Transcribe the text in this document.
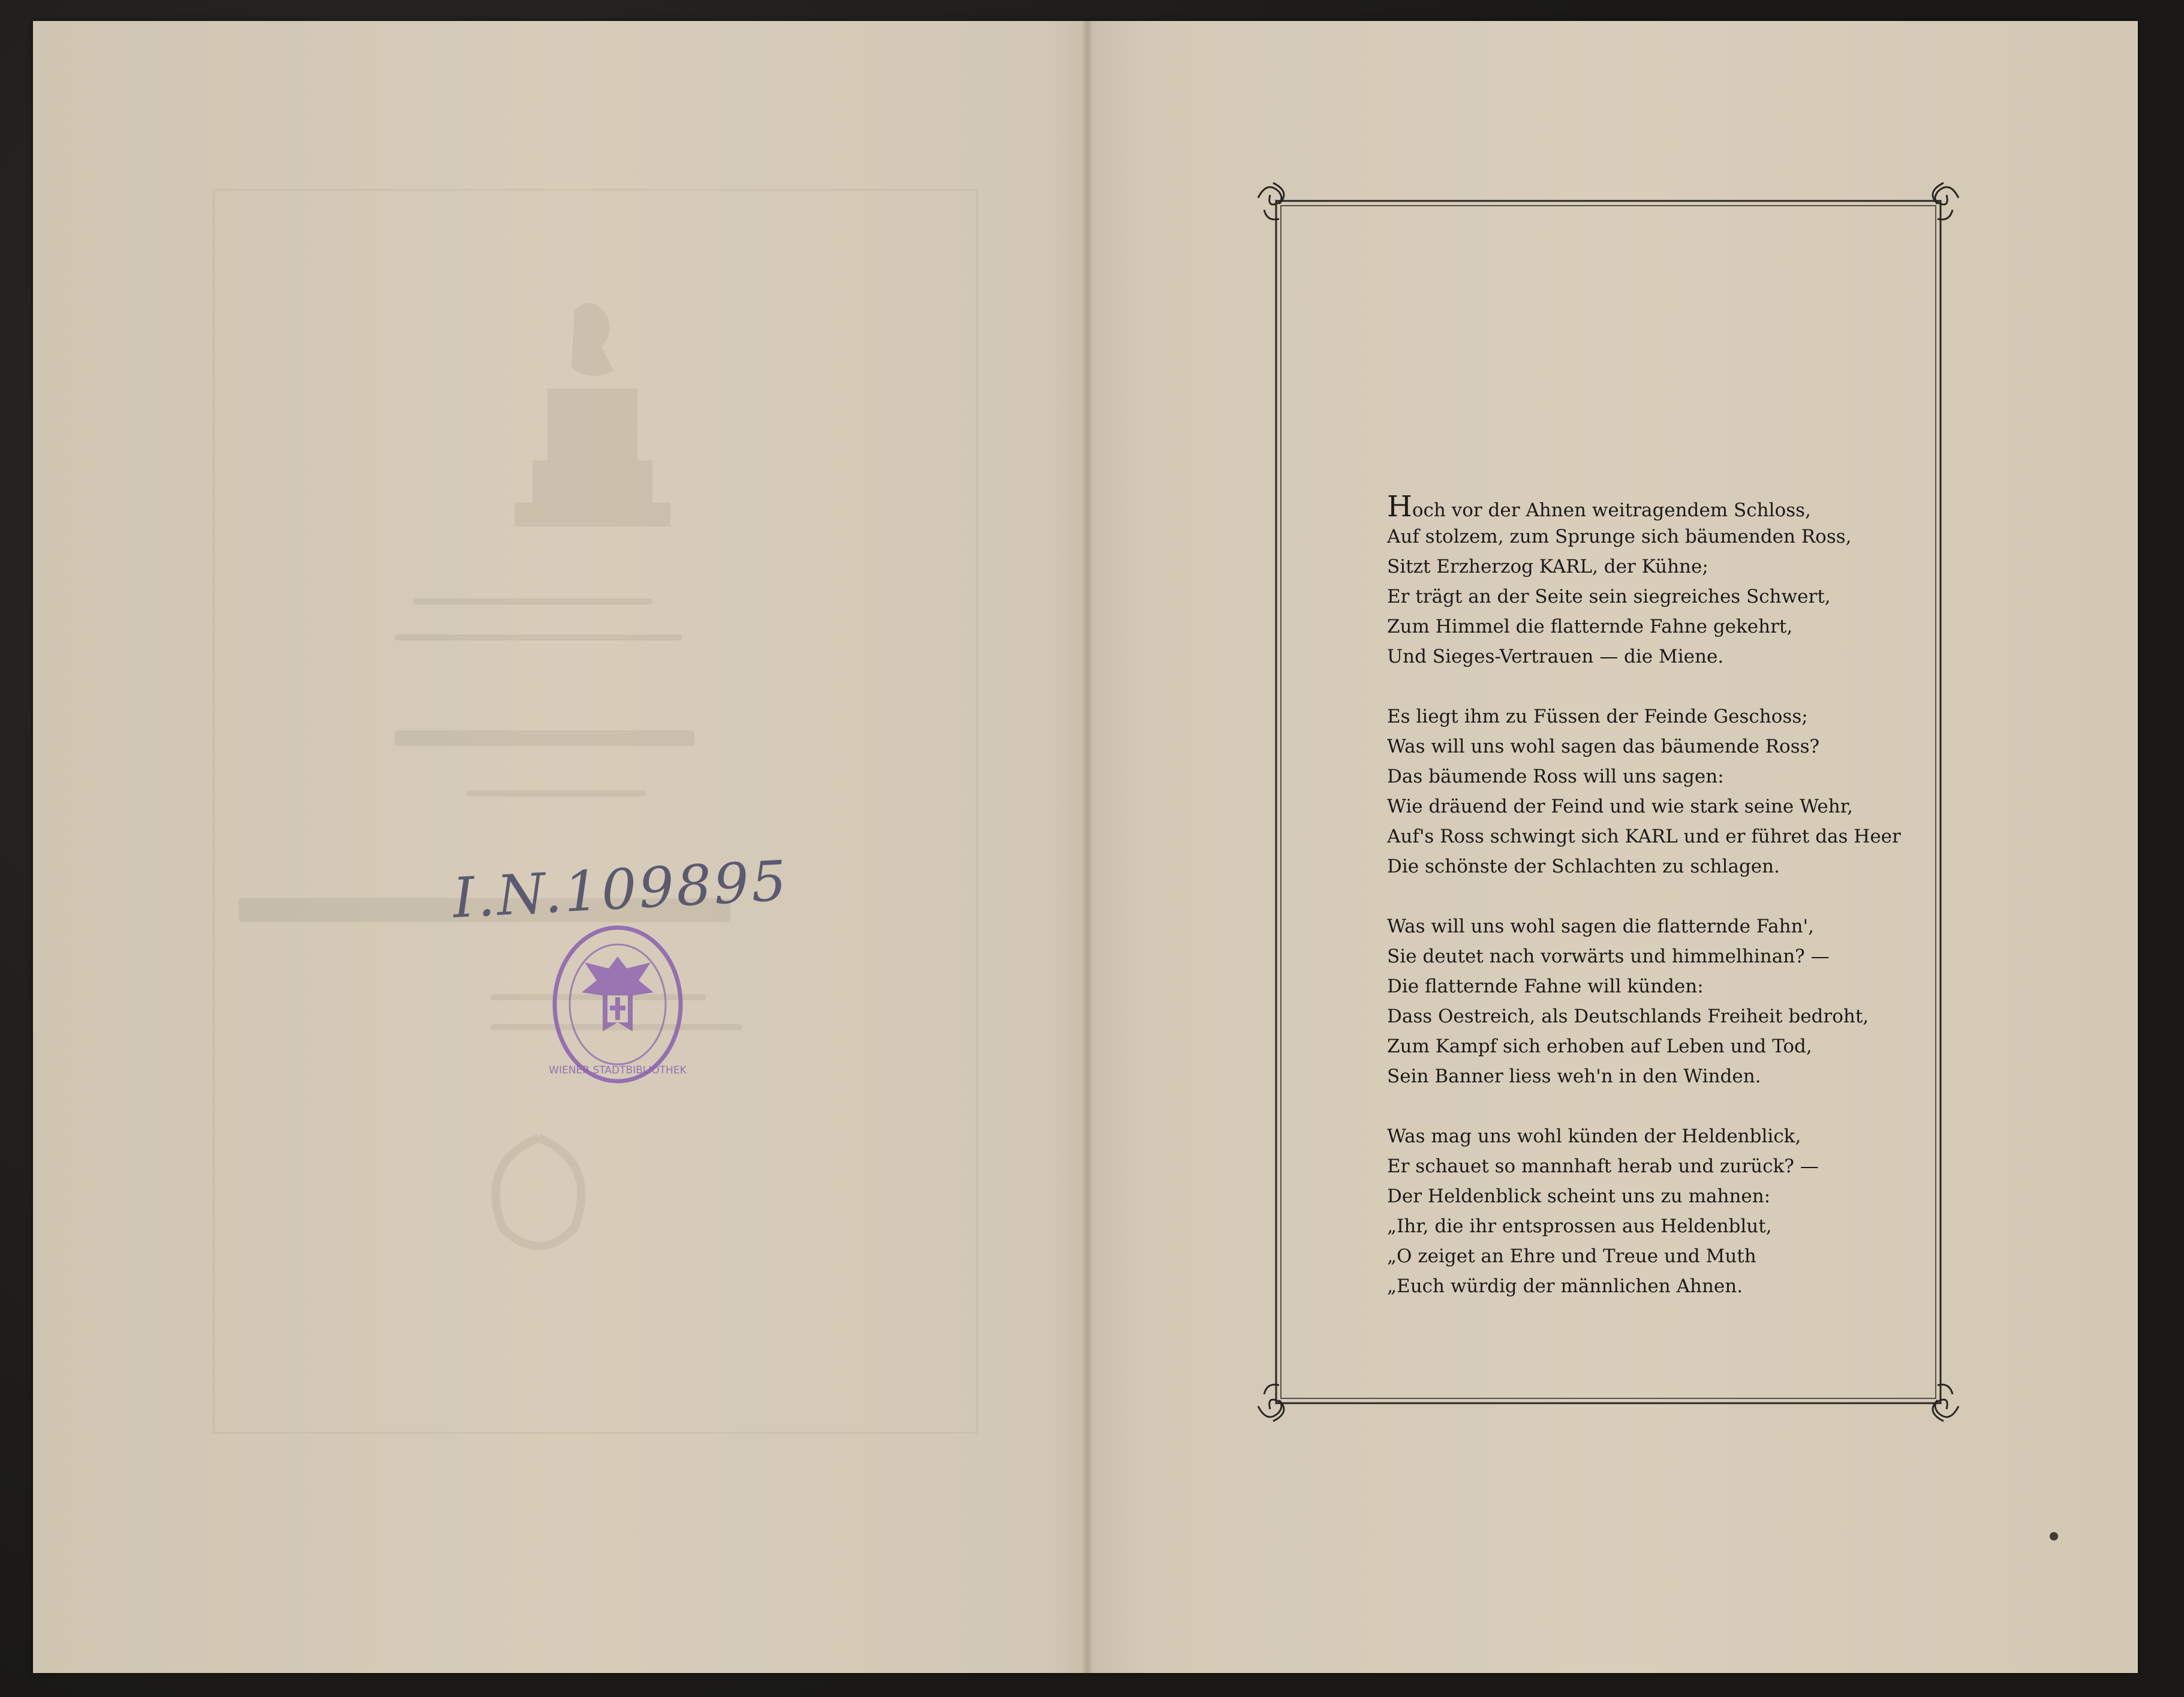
I.N.109895
WIENER STADTBIBLIOTHEK
Hoch vor der Ahnen weitragendem Schloss,
Auf stolzem, zum Sprunge sich bäumenden Ross,
Sitzt Erzherzog KARL, der Kühne;
Er trägt an der Seite sein siegreiches Schwert,
Zum Himmel die flatternde Fahne gekehrt,
Und Sieges-Vertrauen — die Miene.
Es liegt ihm zu Füssen der Feinde Geschoss;
Was will uns wohl sagen das bäumende Ross?
Das bäumende Ross will uns sagen:
Wie dräuend der Feind und wie stark seine Wehr,
Auf's Ross schwingt sich KARL und er führet das Heer
Die schönste der Schlachten zu schlagen.
Was will uns wohl sagen die flatternde Fahn',
Sie deutet nach vorwärts und himmelhinan? —
Die flatternde Fahne will künden:
Dass Oestreich, als Deutschlands Freiheit bedroht,
Zum Kampf sich erhoben auf Leben und Tod,
Sein Banner liess weh'n in den Winden.
Was mag uns wohl künden der Heldenblick,
Er schauet so mannhaft herab und zurück? —
Der Heldenblick scheint uns zu mahnen:
„Ihr, die ihr entsprossen aus Heldenblut,
„O zeiget an Ehre und Treue und Muth
„Euch würdig der männlichen Ahnen.
